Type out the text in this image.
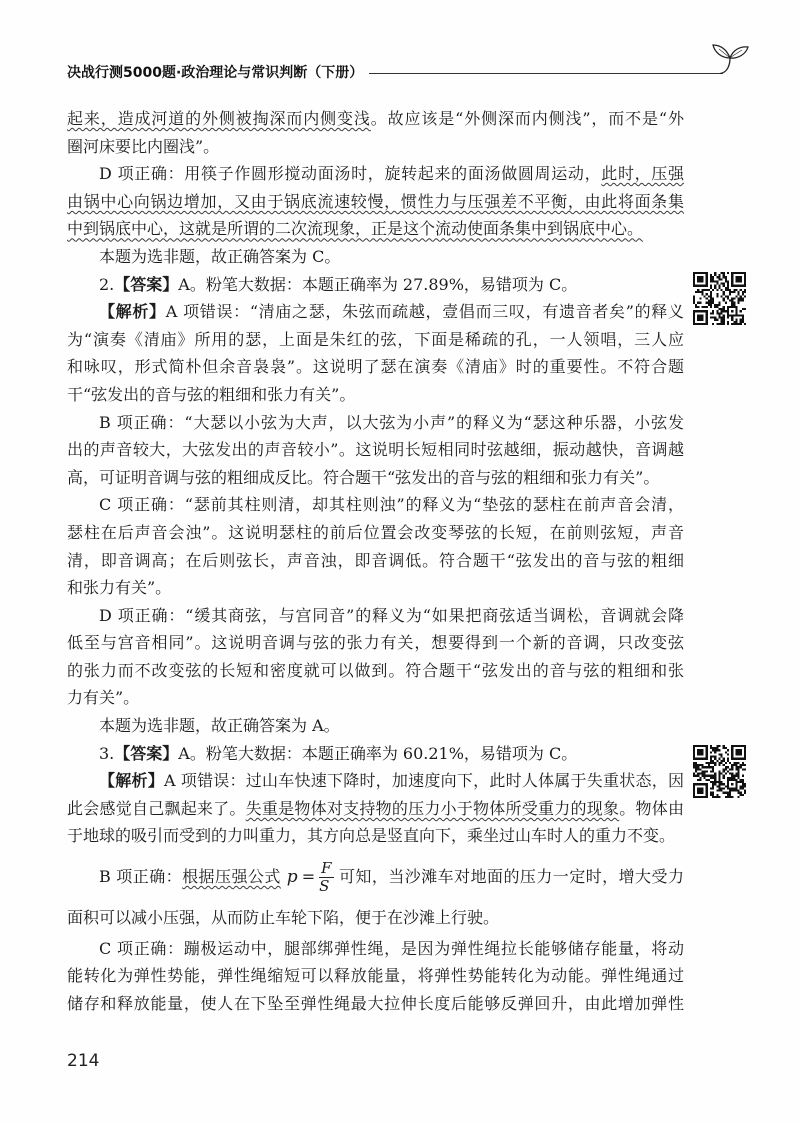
决战行测5000题·政治理论与常识判断（下册）
起来，造成河道的外侧被掏深而内侧变浅。故应该是“外侧深而内侧浅”，而不是“外
圈河床要比内圈浅”。
D 项正确：用筷子作圆形搅动面汤时，旋转起来的面汤做圆周运动，此时，压强
由锅中心向锅边增加，又由于锅底流速较慢，惯性力与压强差不平衡，由此将面条集
中到锅底中心，这就是所谓的二次流现象，正是这个流动使面条集中到锅底中心。
本题为选非题，故正确答案为 C。
2.【答案】A。粉笔大数据：本题正确率为 27.89%，易错项为 C。
【解析】A 项错误：“清庙之瑟，朱弦而疏越，壹倡而三叹，有遗音者矣”的释义
为“演奏《清庙》所用的瑟，上面是朱红的弦，下面是稀疏的孔，一人领唱，三人应
和咏叹，形式简朴但余音袅袅”。这说明了瑟在演奏《清庙》时的重要性。不符合题
干“弦发出的音与弦的粗细和张力有关”。
B 项正确：“大瑟以小弦为大声，以大弦为小声”的释义为“瑟这种乐器，小弦发
出的声音较大，大弦发出的声音较小”。这说明长短相同时弦越细，振动越快，音调越
高，可证明音调与弦的粗细成反比。符合题干“弦发出的音与弦的粗细和张力有关”。
C 项正确：“瑟前其柱则清，却其柱则浊”的释义为“垫弦的瑟柱在前声音会清，
瑟柱在后声音会浊”。这说明瑟柱的前后位置会改变琴弦的长短，在前则弦短，声音
清，即音调高；在后则弦长，声音浊，即音调低。符合题干“弦发出的音与弦的粗细
和张力有关”。
D 项正确：“缓其商弦，与宫同音”的释义为“如果把商弦适当调松，音调就会降
低至与宫音相同”。这说明音调与弦的张力有关，想要得到一个新的音调，只改变弦
的张力而不改变弦的长短和密度就可以做到。符合题干“弦发出的音与弦的粗细和张
力有关”。
本题为选非题，故正确答案为 A。
3.【答案】A。粉笔大数据：本题正确率为 60.21%，易错项为 C。
【解析】A 项错误：过山车快速下降时，加速度向下，此时人体属于失重状态，因
此会感觉自己飘起来了。失重是物体对支持物的压力小于物体所受重力的现象。物体由
于地球的吸引而受到的力叫重力，其方向总是竖直向下，乘坐过山车时人的重力不变。
B 项正确：根据压强公式 $p = \frac{F}{S}$ 可知，当沙滩车对地面的压力一定时，增大受力
面积可以减小压强，从而防止车轮下陷，便于在沙滩上行驶。
C 项正确：蹦极运动中，腿部绑弹性绳，是因为弹性绳拉长能够储存能量，将动
能转化为弹性势能，弹性绳缩短可以释放能量，将弹性势能转化为动能。弹性绳通过
储存和释放能量，使人在下坠至弹性绳最大拉伸长度后能够反弹回升，由此增加弹性
214
